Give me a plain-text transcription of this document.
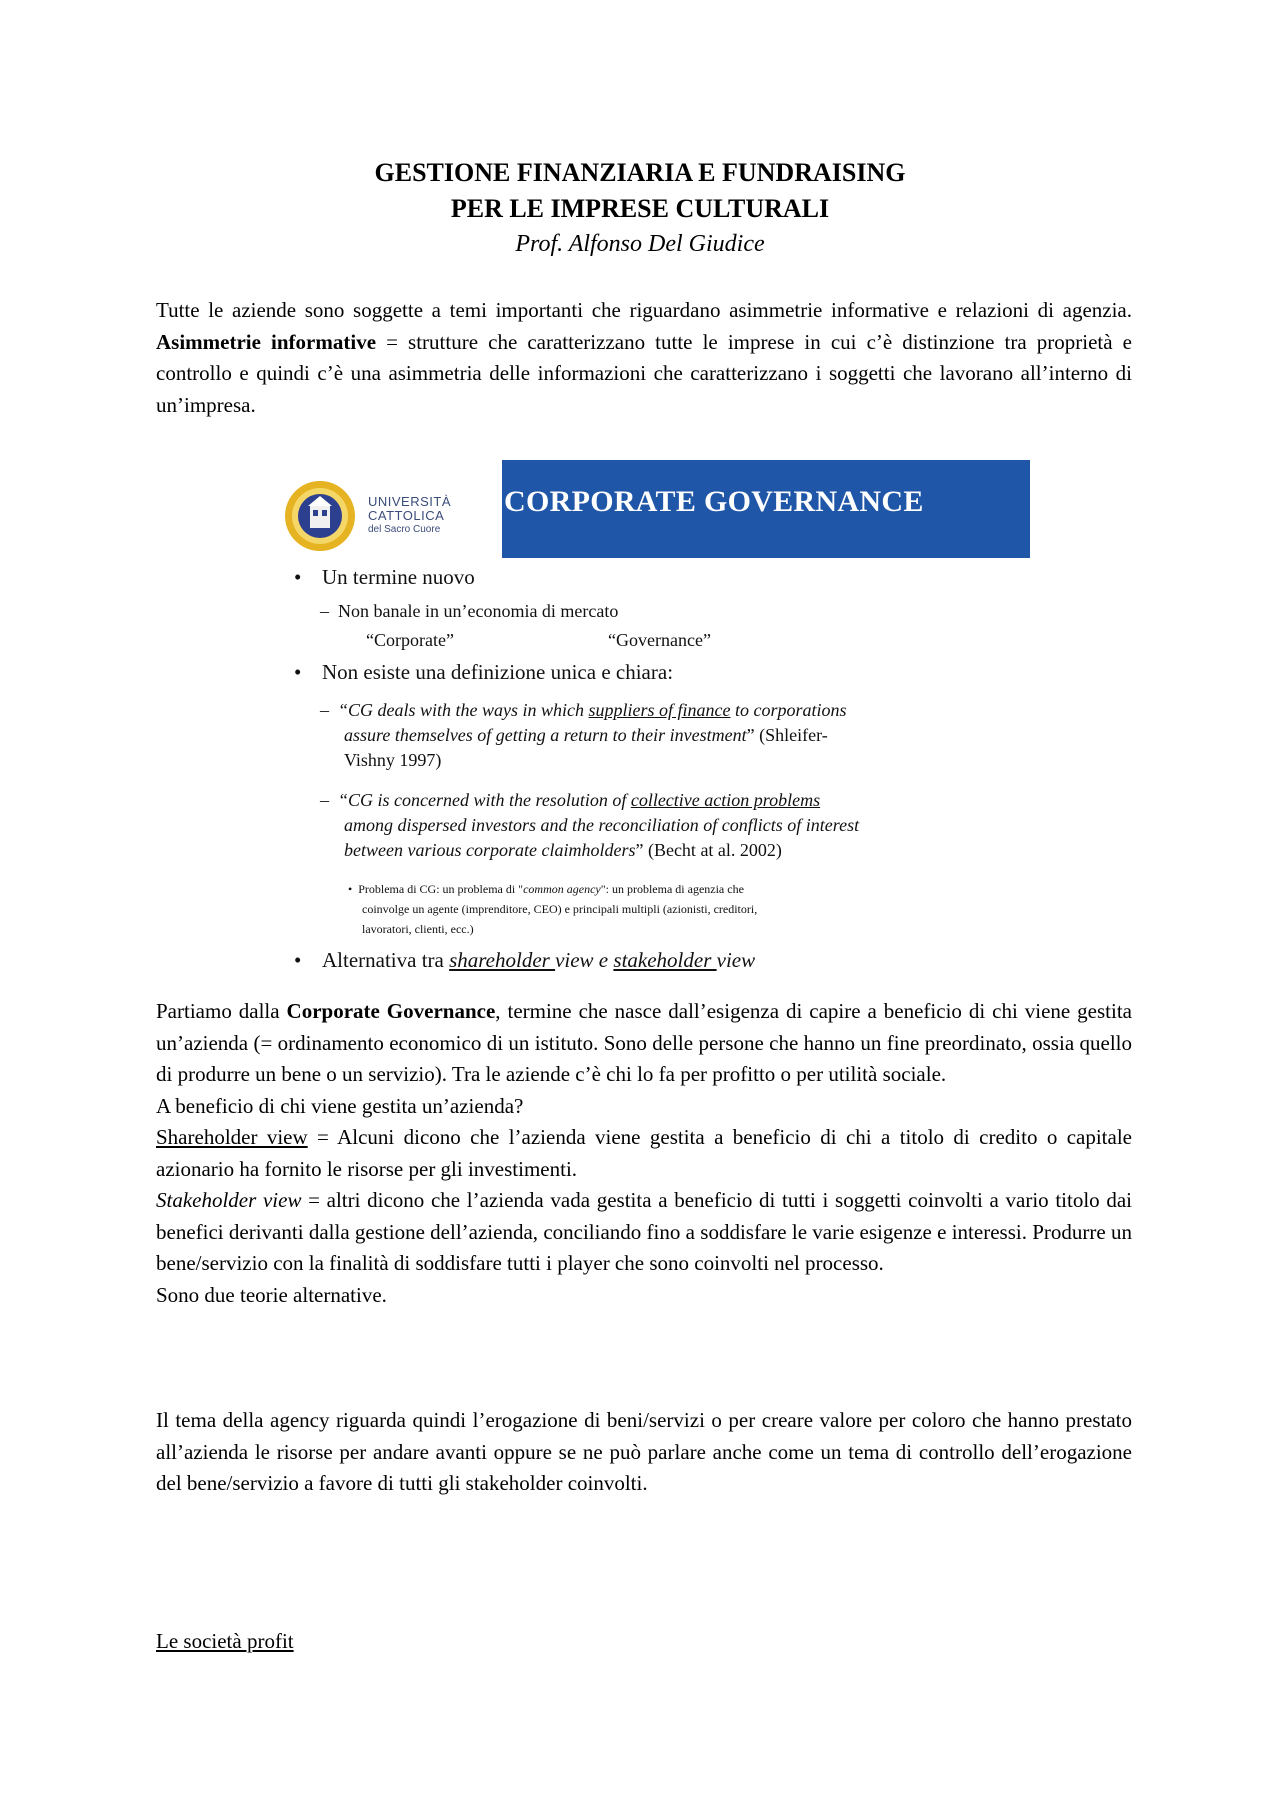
GESTIONE FINANZIARIA E FUNDRAISING
PER LE IMPRESE CULTURALI
Prof. Alfonso Del Giudice
Tutte le aziende sono soggette a temi importanti che riguardano asimmetrie informative e relazioni di agenzia. Asimmetrie informative = strutture che caratterizzano tutte le imprese in cui c’è distinzione tra proprietà e controllo e quindi c’è una asimmetria delle informazioni che caratterizzano i soggetti che lavorano all’interno di un’impresa.
UNIVERSITÀ
CATTOLICA
del Sacro Cuore
CORPORATE GOVERNANCE
• Un termine nuovo
–  Non banale in un’economia di mercato
“Corporate”	“Governance”
• Non esiste una definizione unica e chiara:
–  “CG deals with the ways in which suppliers of finance to corporations
assure themselves of getting a return to their investment” (Shleifer-
Vishny 1997)
–  “CG is concerned with the resolution of collective action problems
among dispersed investors and the reconciliation of conflicts of interest
between various corporate claimholders” (Becht at al. 2002)
•  Problema di CG: un problema di "common agency": un problema di agenzia che
coinvolge un agente (imprenditore, CEO) e principali multipli (azionisti, creditori,
lavoratori, clienti, ecc.)
• Alternativa tra shareholder view e stakeholder view
Partiamo dalla Corporate Governance, termine che nasce dall’esigenza di capire a beneficio di chi viene gestita un’azienda (= ordinamento economico di un istituto. Sono delle persone che hanno un fine preordinato, ossia quello di produrre un bene o un servizio). Tra le aziende c’è chi lo fa per profitto o per utilità sociale.
A beneficio di chi viene gestita un’azienda?
Shareholder view = Alcuni dicono che l’azienda viene gestita a beneficio di chi a titolo di credito o capitale azionario ha fornito le risorse per gli investimenti.
Stakeholder view = altri dicono che l’azienda vada gestita a beneficio di tutti i soggetti coinvolti a vario titolo dai benefici derivanti dalla gestione dell’azienda, conciliando fino a soddisfare le varie esigenze e interessi. Produrre un bene/servizio con la finalità di soddisfare tutti i player che sono coinvolti nel processo.
Sono due teorie alternative.
Il tema della agency riguarda quindi l’erogazione di beni/servizi o per creare valore per coloro che hanno prestato all’azienda le risorse per andare avanti oppure se ne può parlare anche come un tema di controllo dell’erogazione del bene/servizio a favore di tutti gli stakeholder coinvolti.
Le società profit
